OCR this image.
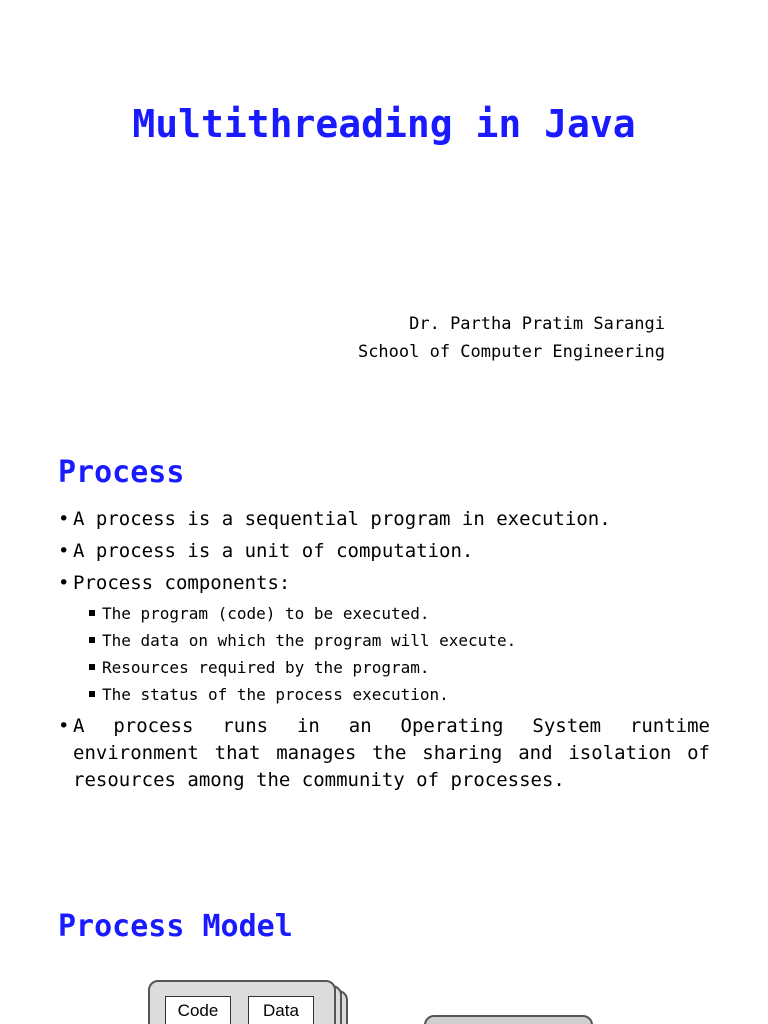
Multithreading in Java
Dr. Partha Pratim Sarangi
School of Computer Engineering
Process
• A process is a sequential program in execution.
• A process is a unit of computation.
• Process components:
The program (code) to be executed.
The data on which the program will execute.
Resources required by the program.
The status of the process execution.
• A process runs in an Operating System runtime environment that manages the sharing and isolation of resources among the community of processes.
Process Model
Code	Data
